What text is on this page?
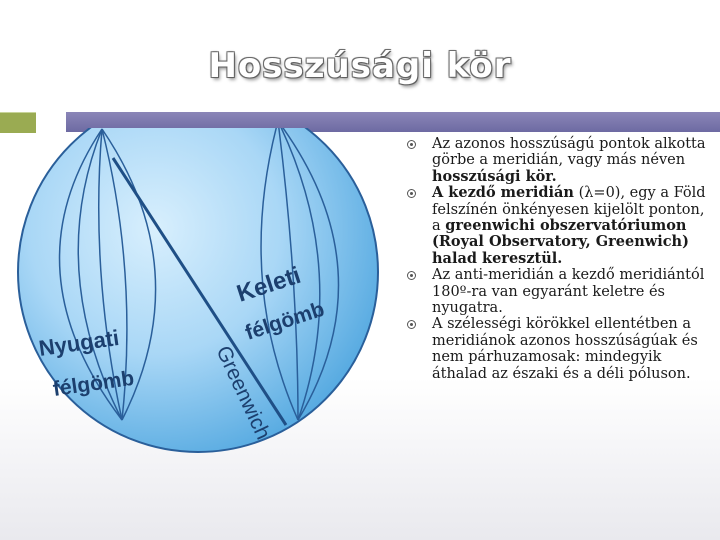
Hosszúsági kör
Keleti
félgömb
Nyugati
félgömb	Greenwich
Az azonos hosszúságú pontok alkotta görbe a meridián, vagy más néven hosszúsági kör.
A kezdő meridián (λ=0), egy a Föld felszínén önkényesen kijelölt ponton, a greenwichi obszervatóriumon (Royal Observatory, Greenwich) halad keresztül.
Az anti-meridián a kezdő meridiántól 180º-ra van egyaránt keletre és nyugatra.
A szélességi körökkel ellentétben a meridiánok azonos hosszúságúak és nem párhuzamosak: mindegyik áthalad az északi és a déli póluson.
